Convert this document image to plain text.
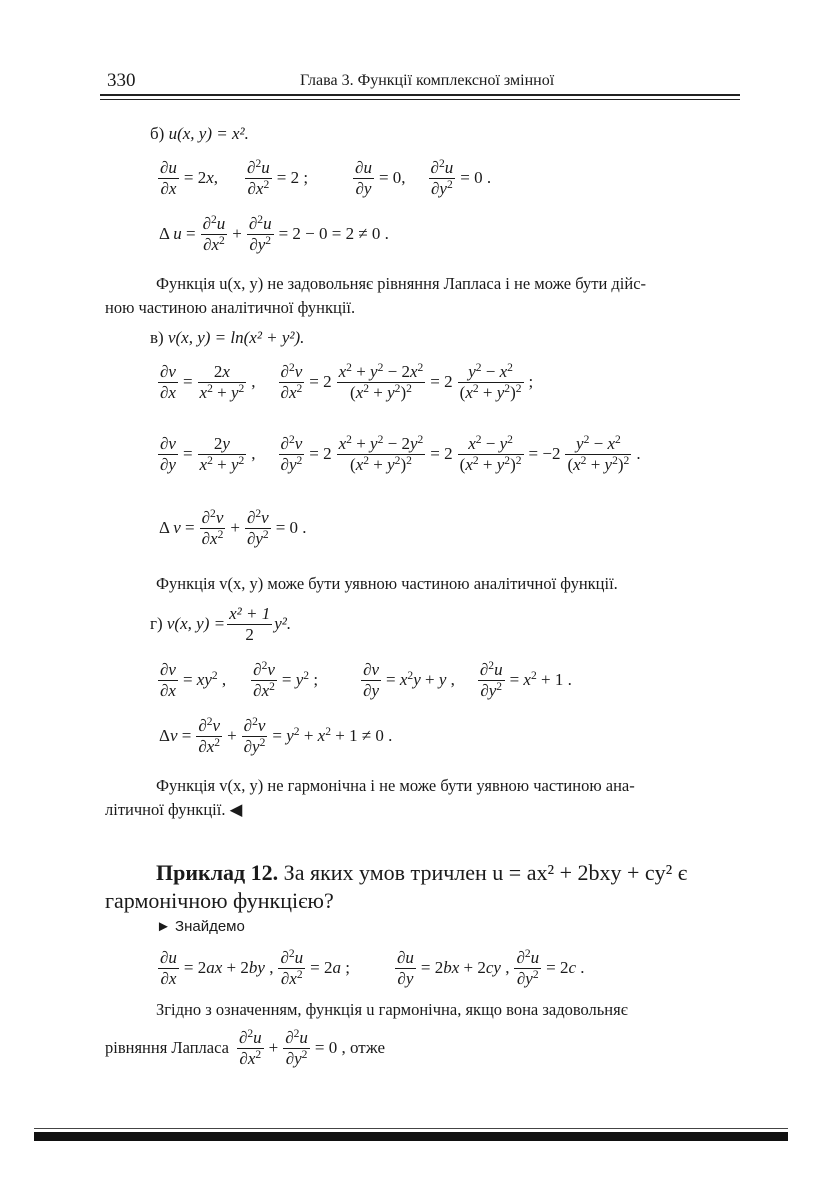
330	Глава 3. Функції комплексної змінної
б) u(x, y) = x².
$\frac{\partial u}{\partial x} = 2x$, $\frac{\partial^2u}{\partial x^2} = 2$ ;	$\frac{\partial u}{\partial y} = 0$, $\frac{\partial^2u}{\partial y^2} = 0$ .
Δ $u = \frac{\partial^2u}{\partial x^2} + \frac{\partial^2u}{\partial y^2} = 2 - 0 = 2 \ne 0$ .
Функція u(x, y) не задовольняє рівняння Лапласа і не може бути дійс-
ною частиною аналітичної функції.
в) v(x, y) = ln(x² + y²).
$\frac{\partial v}{\partial x} = \frac{2x}{x^2 + y^2}$ , $\frac{\partial^2v}{\partial x^2} = 2 \frac{x^2 + y^2 - 2x^2}{(x^2 + y^2)^2} = 2$
$y^2 - x^2$
$(x^2 + y^2)^2$ ;
$\frac{\partial v}{\partial y} = \frac{2y}{x^2 + y^2}$ , $\frac{\partial^2v}{\partial y^2} = 2 \frac{x^2 + y^2 - 2y^2}{(x^2 + y^2)^2} = 2 \frac{x^2 - y^2}{(x^2 + y^2)^2} = -2$
$y^2 - x^2$
$(x^2 + y^2)^2$ .
Δ $v = \frac{\partial^2v}{\partial x^2} + \frac{\partial^2v}{\partial y^2} = 0$ .
Функція v(x, y) може бути уявною частиною аналітичної функції.
г)
v(x, $y) = \frac{\text{x² + 1}}{2} y^2$.
$\frac{\partial v}{\partial x} = xy^2$ , $\frac{\partial^2v}{\partial x^2} = y^2$ ;	$\frac{\partial v}{\partial y} = x^2y + y$ , $\frac{\partial^2u}{\partial y^2} = x^2 + 1$ .
$\Delta v = \frac{\partial^2v}{\partial x^2} + \frac{\partial^2v}{\partial y^2} = y^2 + x^2 + 1 \ne 0$ .
Функція v(x, y) не гармонічна і не може бути уявною частиною ана-
літичної функції. ◀
Приклад 12. За яких умов тричлен u = ax² + 2bxy + cy² є
гармонічною функцією?
► Знайдемо
$\frac{\partial u}{\partial x} = 2ax + 2by$ , $\frac{\partial^2u}{\partial x^2} = 2a$ ;	$\frac{\partial u}{\partial y} = 2bx + 2cy$ , $\frac{\partial^2u}{\partial y^2} = 2c$ .
Згідно з означенням, функція u гармонічна, якщо вона задовольняє
рівняння Лапласа
∂$^2$u
$\partial x^2 + \frac{\partial^2u}{\partial y^2} = 0$ , отже
